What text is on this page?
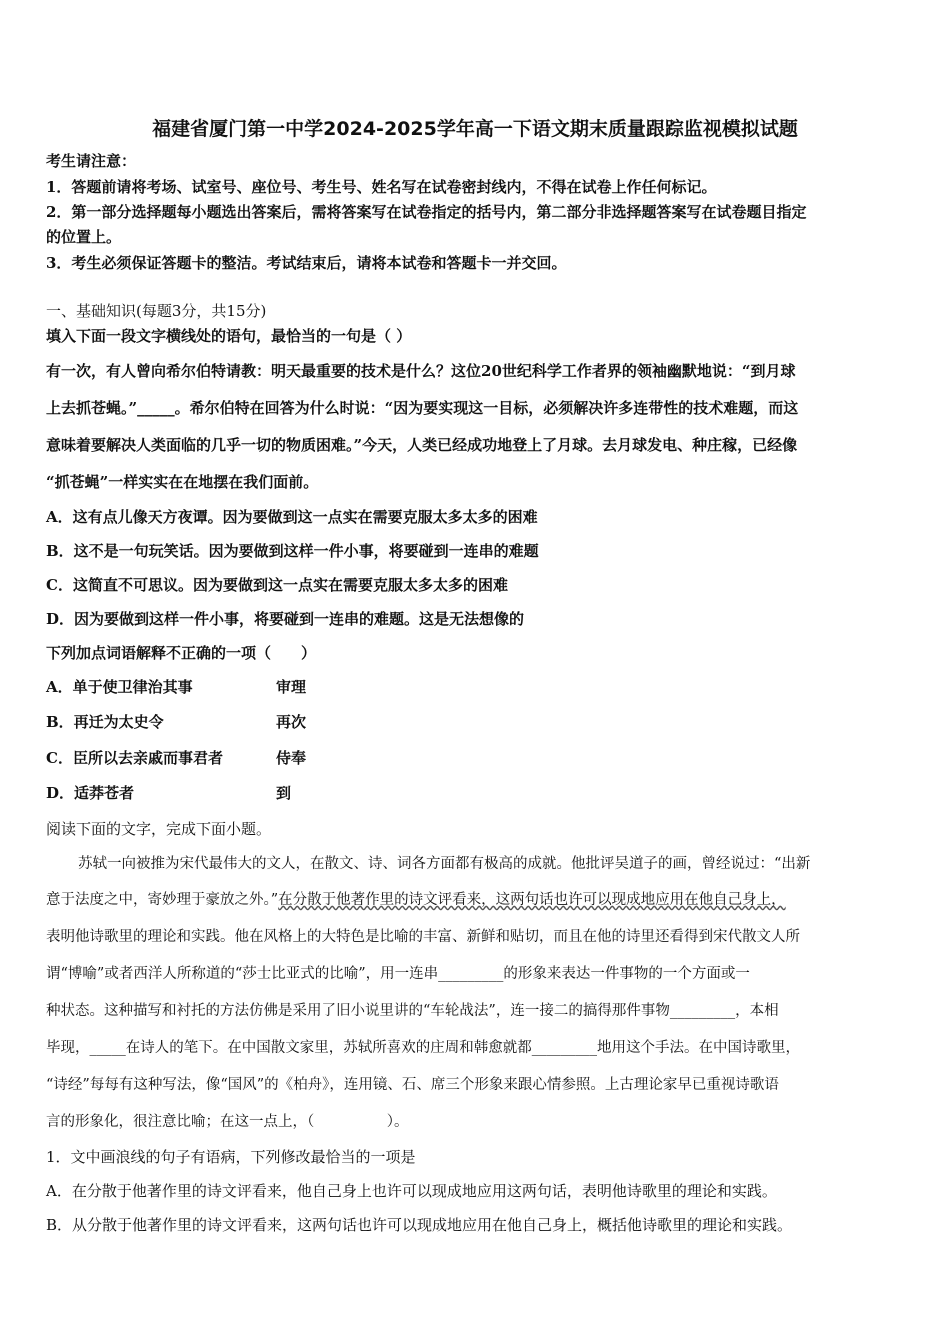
福建省厦门第一中学2024-2025学年高一下语文期末质量跟踪监视模拟试题
考生请注意：
1．答题前请将考场、试室号、座位号、考生号、姓名写在试卷密封线内，不得在试卷上作任何标记。
2．第一部分选择题每小题选出答案后，需将答案写在试卷指定的括号内，第二部分非选择题答案写在试卷题目指定
的位置上。
3．考生必须保证答题卡的整洁。考试结束后，请将本试卷和答题卡一并交回。
一、基础知识(每题3分，共15分)
填入下面一段文字横线处的语句，最恰当的一句是（ ）
有一次，有人曾向希尔伯特请教：明天最重要的技术是什么？这位20世纪科学工作者界的领袖幽默地说：“到月球
上去抓苍蝇。”_____。希尔伯特在回答为什么时说：“因为要实现这一目标，必须解决许多连带性的技术难题，而这
意味着要解决人类面临的几乎一切的物质困难。”今天，人类已经成功地登上了月球。去月球发电、种庄稼，已经像
“抓苍蝇”一样实实在在地摆在我们面前。
A．这有点儿像天方夜谭。因为要做到这一点实在需要克服太多太多的困难
B．这不是一句玩笑话。因为要做到这样一件小事，将要碰到一连串的难题
C．这简直不可思议。因为要做到这一点实在需要克服太多太多的困难
D．因为要做到这样一件小事，将要碰到一连串的难题。这是无法想像的
下列加点词语解释不正确的一项（　　）
A．单于使卫律治其事	审理
B．再迁为太史令	再次
C．臣所以去亲戚而事君者	侍奉
D．适莽苍者	到
阅读下面的文字，完成下面小题。
苏轼一向被推为宋代最伟大的文人，在散文、诗、词各方面都有极高的成就。他批评吴道子的画，曾经说过：“出新
意于法度之中，寄妙理于豪放之外。”在分散于他著作里的诗文评看来，这两句话也许可以现成地应用在他自己身上，
表明他诗歌里的理论和实践。他在风格上的大特色是比喻的丰富、新鲜和贴切，而且在他的诗里还看得到宋代散文人所
谓“博喻”或者西洋人所称道的“莎士比亚式的比喻”，用一连串_________的形象来表达一件事物的一个方面或一
种状态。这种描写和衬托的方法仿佛是采用了旧小说里讲的“车轮战法”，连一接二的搞得那件事物_________，本相
毕现，_____在诗人的笔下。在中国散文家里，苏轼所喜欢的庄周和韩愈就都_________地用这个手法。在中国诗歌里，
“诗经”每每有这种写法，像“国风”的《柏舟》，连用镜、石、席三个形象来跟心情参照。上古理论家早已重视诗歌语
言的形象化，很注意比喻；在这一点上，（　　　　　）。
1．文中画浪线的句子有语病，下列修改最恰当的一项是
A．在分散于他著作里的诗文评看来，他自己身上也许可以现成地应用这两句话，表明他诗歌里的理论和实践。
B．从分散于他著作里的诗文评看来，这两句话也许可以现成地应用在他自己身上，概括他诗歌里的理论和实践。
